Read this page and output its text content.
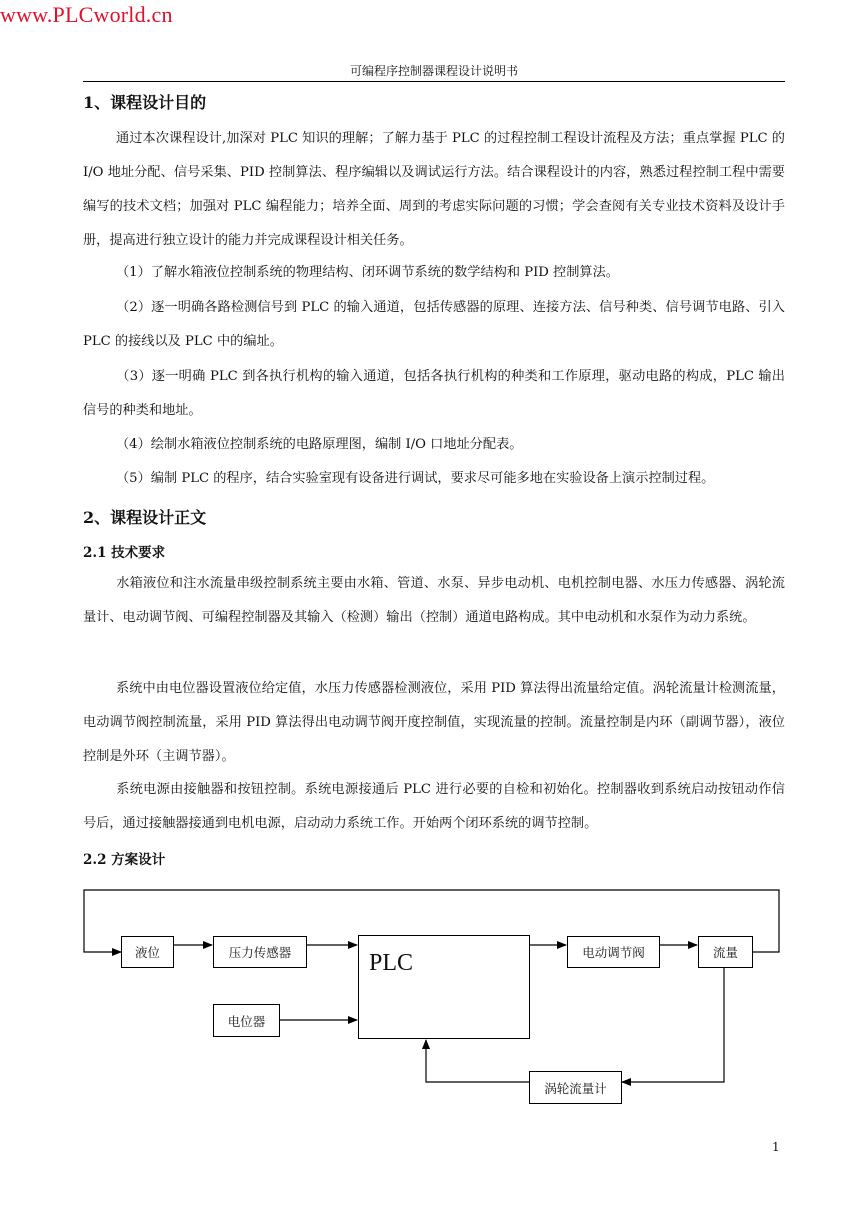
www.PLCworld.cn
可编程序控制器课程设计说明书
1、课程设计目的
通过本次课程设计,加深对 PLC 知识的理解；了解力基于 PLC 的过程控制工程设计流程及方法；重点掌握 PLC 的 I/O 地址分配、信号采集、PID 控制算法、程序编辑以及调试运行方法。结合课程设计的内容，熟悉过程控制工程中需要编写的技术文档；加强对 PLC 编程能力；培养全面、周到的考虑实际问题的习惯；学会查阅有关专业技术资料及设计手册，提高进行独立设计的能力并完成课程设计相关任务。
（1）了解水箱液位控制系统的物理结构、闭环调节系统的数学结构和 PID 控制算法。
（2）逐一明确各路检测信号到 PLC 的输入通道，包括传感器的原理、连接方法、信号种类、信号调节电路、引入 PLC 的接线以及 PLC 中的编址。
（3）逐一明确 PLC 到各执行机构的输入通道，包括各执行机构的种类和工作原理，驱动电路的构成，PLC 输出信号的种类和地址。
（4）绘制水箱液位控制系统的电路原理图，编制 I/O 口地址分配表。
（5）编制 PLC 的程序，结合实验室现有设备进行调试，要求尽可能多地在实验设备上演示控制过程。
2、课程设计正文
2.1 技术要求
水箱液位和注水流量串级控制系统主要由水箱、管道、水泵、异步电动机、电机控制电器、水压力传感器、涡轮流量计、电动调节阀、可编程控制器及其输入（检测）输出（控制）通道电路构成。其中电动机和水泵作为动力系统。
系统中由电位器设置液位给定值，水压力传感器检测液位，采用 PID 算法得出流量给定值。涡轮流量计检测流量，电动调节阀控制流量，采用 PID 算法得出电动调节阀开度控制值，实现流量的控制。流量控制是内环（副调节器），液位控制是外环（主调节器）。
系统电源由接触器和按钮控制。系统电源接通后 PLC 进行必要的自检和初始化。控制器收到系统启动按钮动作信号后，通过接触器接通到电机电源，启动动力系统工作。开始两个闭环系统的调节控制。
2.2 方案设计
液位	压力传感器
电位器
PLC	电动调节阀	流量
涡轮流量计
1
